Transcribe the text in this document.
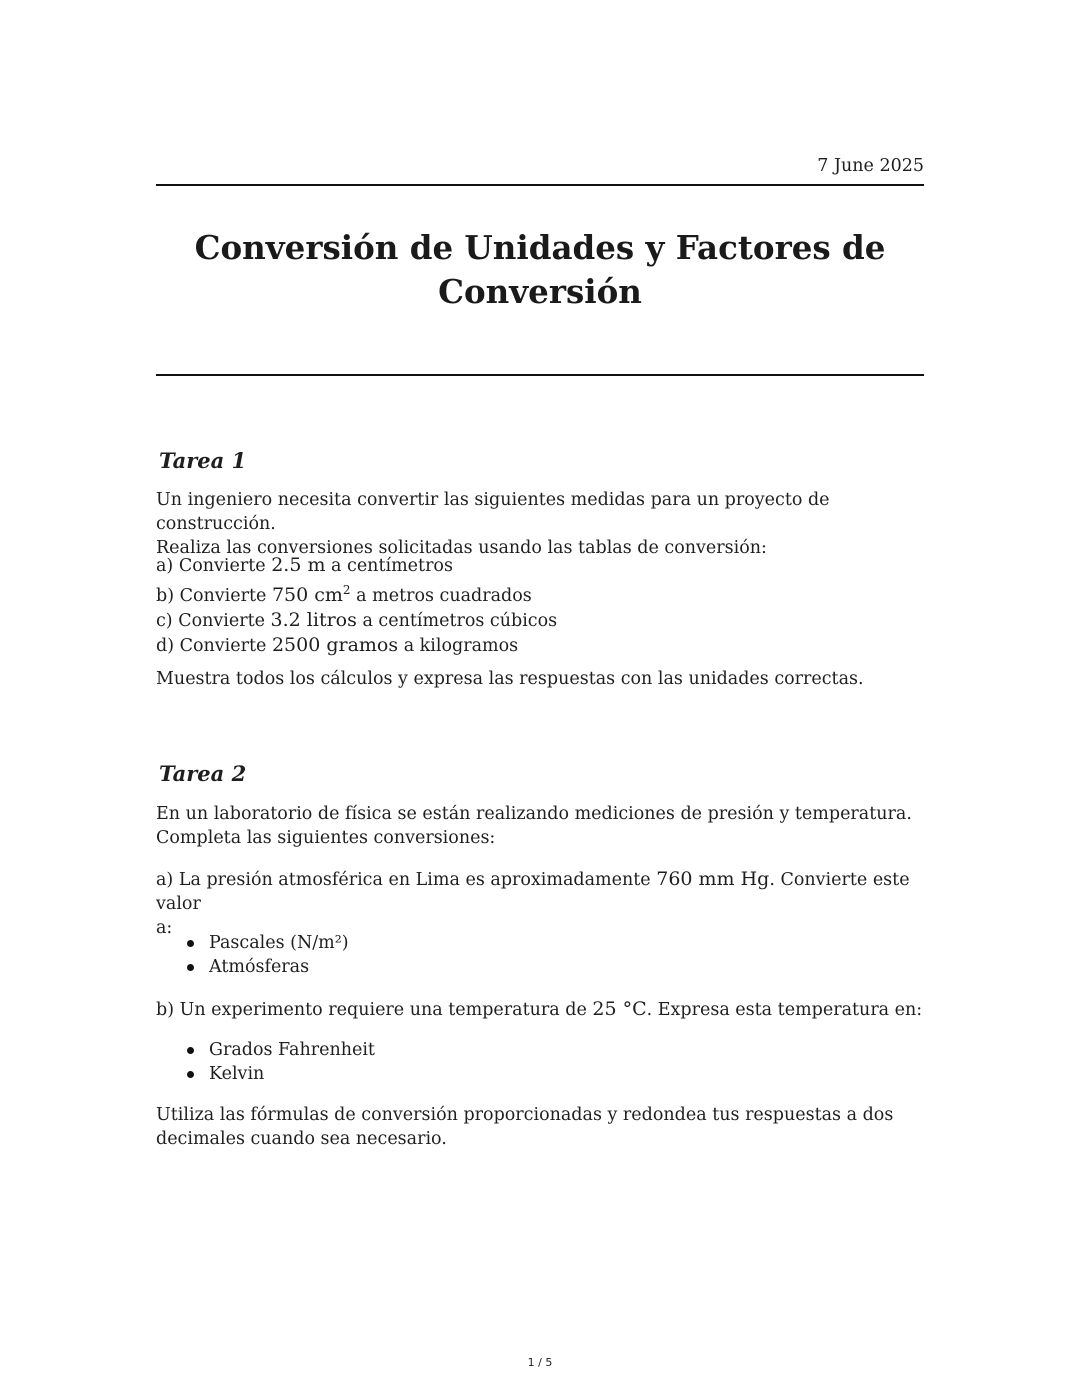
7 June 2025
Conversión de Unidades y Factores de
Conversión
Tarea 1

Un ingeniero necesita convertir las siguientes medidas para un proyecto de construcción.

Realiza las conversiones solicitadas usando las tablas de conversión:

a) Convierte 2.5 m a centímetros

b) Convierte 750 $cm^2$ a metros cuadrados

c) Convierte 3.2 litros a centímetros cúbicos

d) Convierte 2500 gramos a kilogramos

Muestra todos los cálculos y expresa las respuestas con las unidades correctas.
Tarea 2

En un laboratorio de física se están realizando mediciones de presión y temperatura.

Completa las siguientes conversiones:

a) La presión atmosférica en Lima es aproximadamente 760 mm Hg. Convierte este valor

a:

Pascales (N/m²)
Atmósferas

b) Un experimento requiere una temperatura de 25 °C. Expresa esta temperatura en:

Grados Fahrenheit
Kelvin

Utiliza las fórmulas de conversión proporcionadas y redondea tus respuestas a dos

decimales cuando sea necesario.

1 / 5
